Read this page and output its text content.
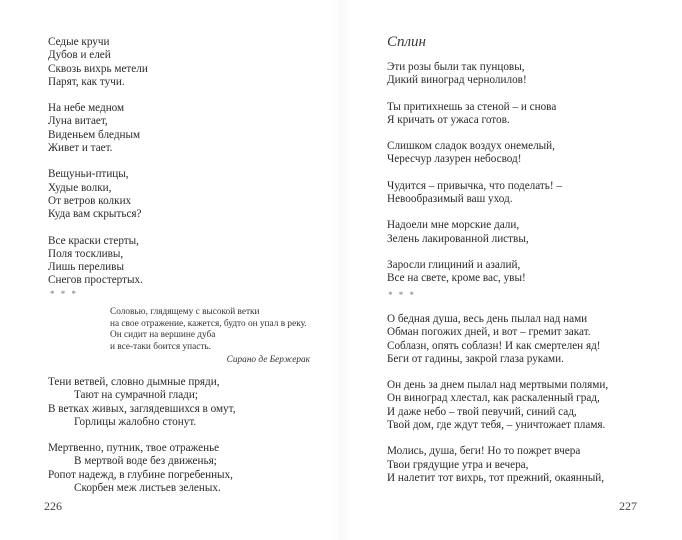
Седые кручи
Дубов и елей
Сквозь вихрь метели
Парят, как тучи.
На небе медном
Луна витает,
Виденьем бледным
Живет и тает.
Вещуньи-птицы,
Худые волки,
От ветров колких
Куда вам скрыться?
Все краски стерты,
Поля тоскливы,
Лишь переливы
Снегов простертых.
* * *
Соловью, глядящему с высокой ветки
на свое отражение, кажется, будто он упал в реку.
Он сидит на вершине дуба
и все-таки боится упасть.
Сирано де Бержерак
Тени ветвей, словно дымные пряди,
Тают на сумрачной глади;
В ветках живых, заглядевшихся в омут,
Горлицы жалобно стонут.
Мертвенно, путник, твое отраженье
В мертвой воде без движенья;
Ропот надежд, в глубине погребенных,
Скорбен меж листьев зеленых.
226
Сплин
Эти розы были так пунцовы,
Дикий виноград чернолилов!
Ты притихнешь за стеной – и снова
Я кричать от ужаса готов.
Слишком сладок воздух онемелый,
Чересчур лазурен небосвод!
Чудится – привычка, что поделать! –
Невообразимый ваш уход.
Надоели мне морские дали,
Зелень лакированной листвы,
Заросли глициний и азалий,
Все на свете, кроме вас, увы!
* * *
О бедная душа, весь день пылал над нами
Обман погожих дней, и вот – гремит закат.
Соблазн, опять соблазн! И как смертелен яд!
Беги от гадины, закрой глаза руками.
Он день за днем пылал над мертвыми полями,
Он виноград хлестал, как раскаленный град,
И даже небо – твой певучий, синий сад,
Твой дом, где ждут тебя, – уничтожает пламя.
Молись, душа, беги! Но то пожрет вчера
Твои грядущие утра и вечера,
И налетит тот вихрь, тот прежний, окаянный,
227
